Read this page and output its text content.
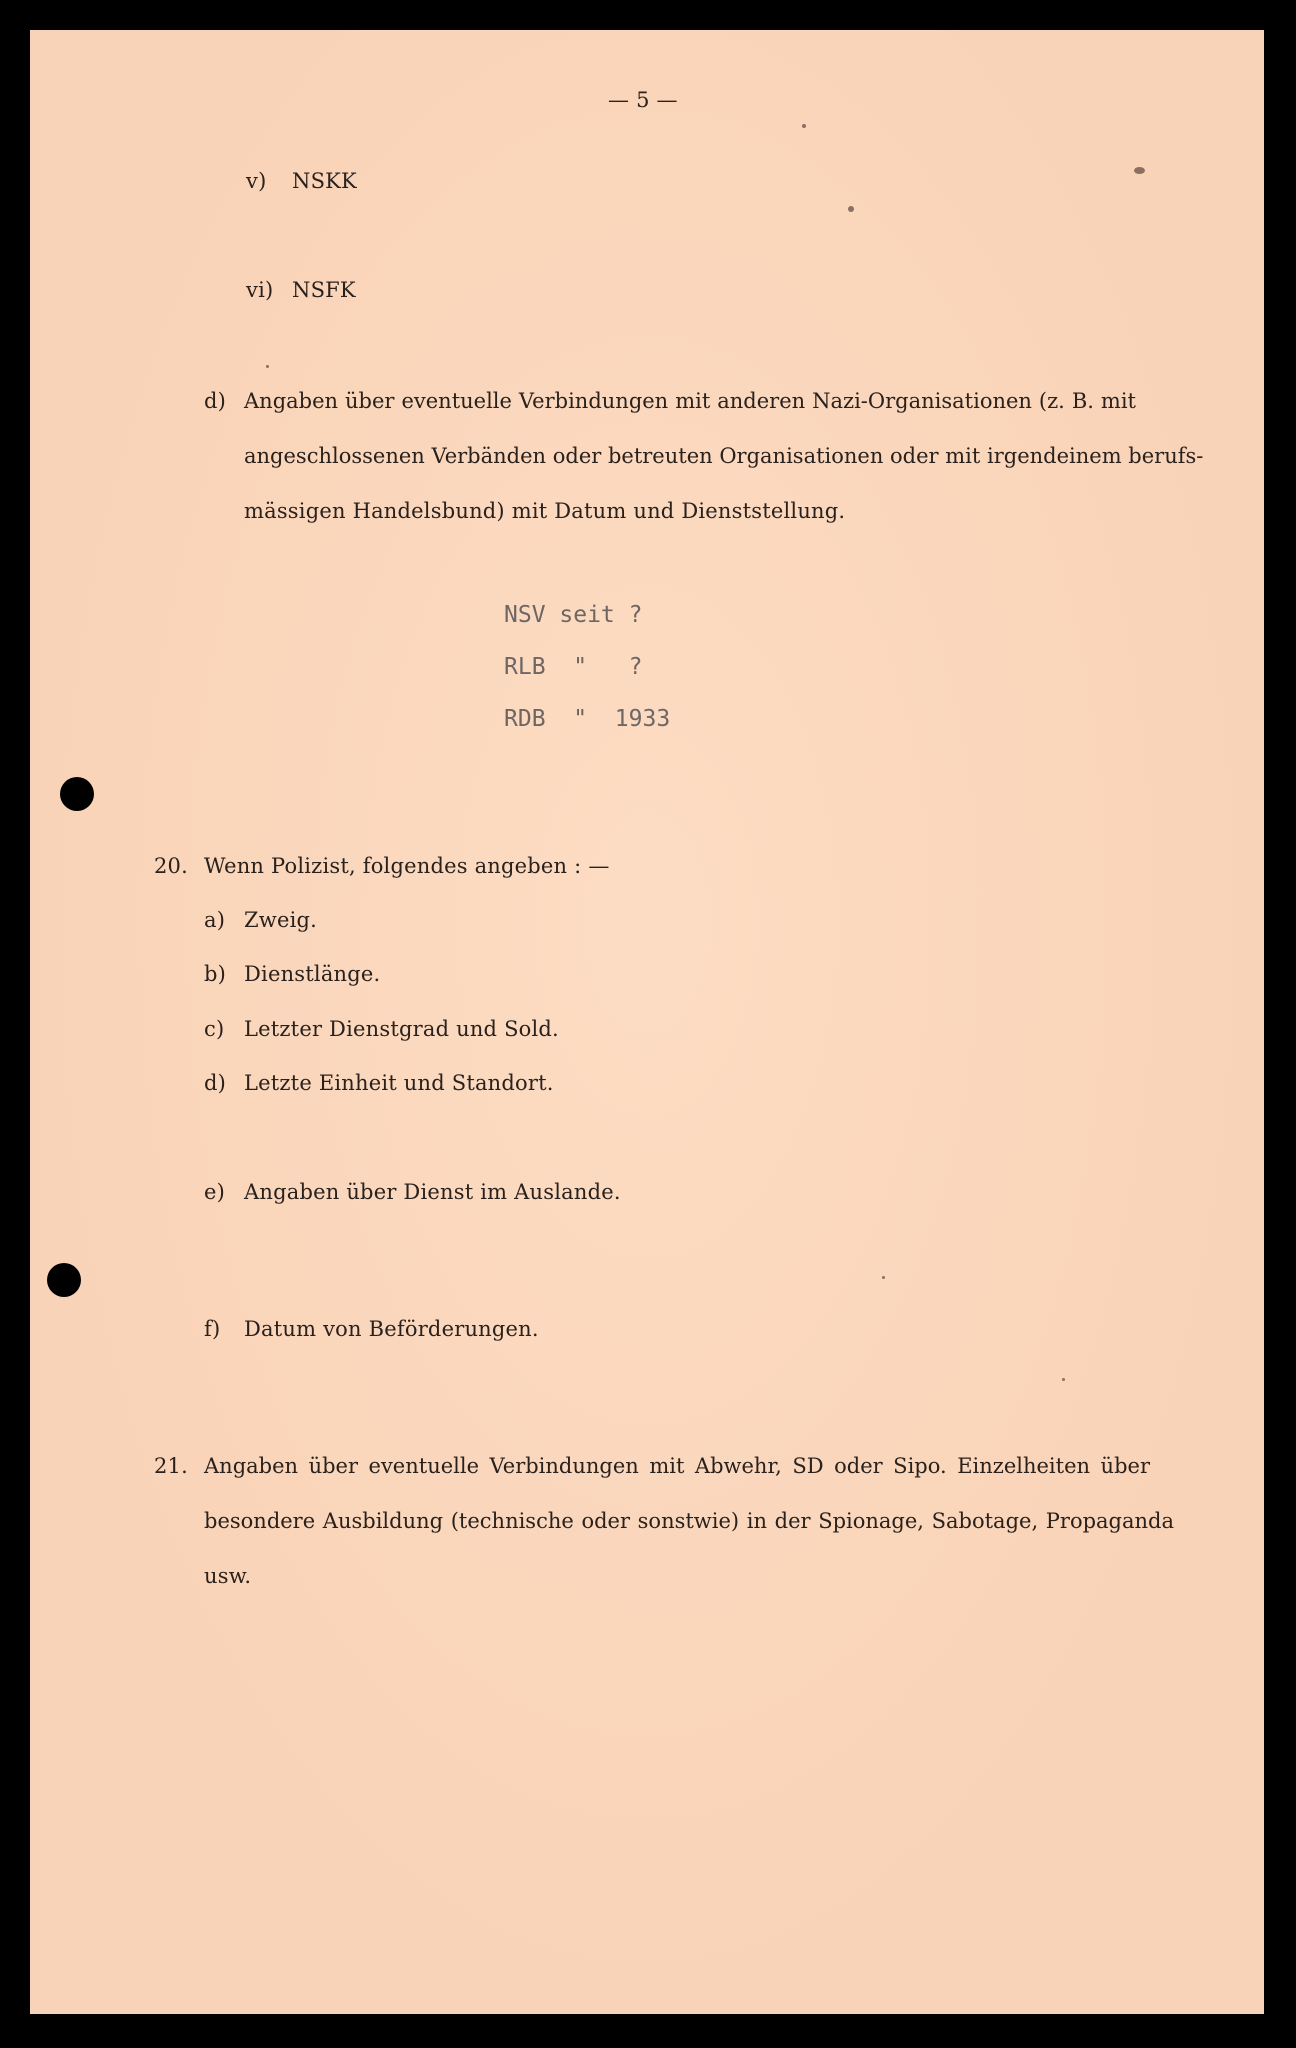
— 5 —
v) NSKK
vi) NSFK
d) Angaben über eventuelle Verbindungen mit anderen Nazi-Organisationen (z. B. mit
angeschlossenen Verbänden oder betreuten Organisationen oder mit irgendeinem berufs-
mässigen Handelsbund) mit Datum und Dienststellung.
NSV seit ?
RLB  "   ?
RDB  "  1933
20. Wenn Polizist, folgendes angeben : —
a) Zweig.
b) Dienstlänge.
c) Letzter Dienstgrad und Sold.
d) Letzte Einheit und Standort.
e) Angaben über Dienst im Auslande.
f) Datum von Beförderungen.
21. Angaben über eventuelle Verbindungen mit Abwehr, SD oder Sipo. Einzelheiten über
besondere Ausbildung (technische oder sonstwie) in der Spionage, Sabotage, Propaganda
usw.
